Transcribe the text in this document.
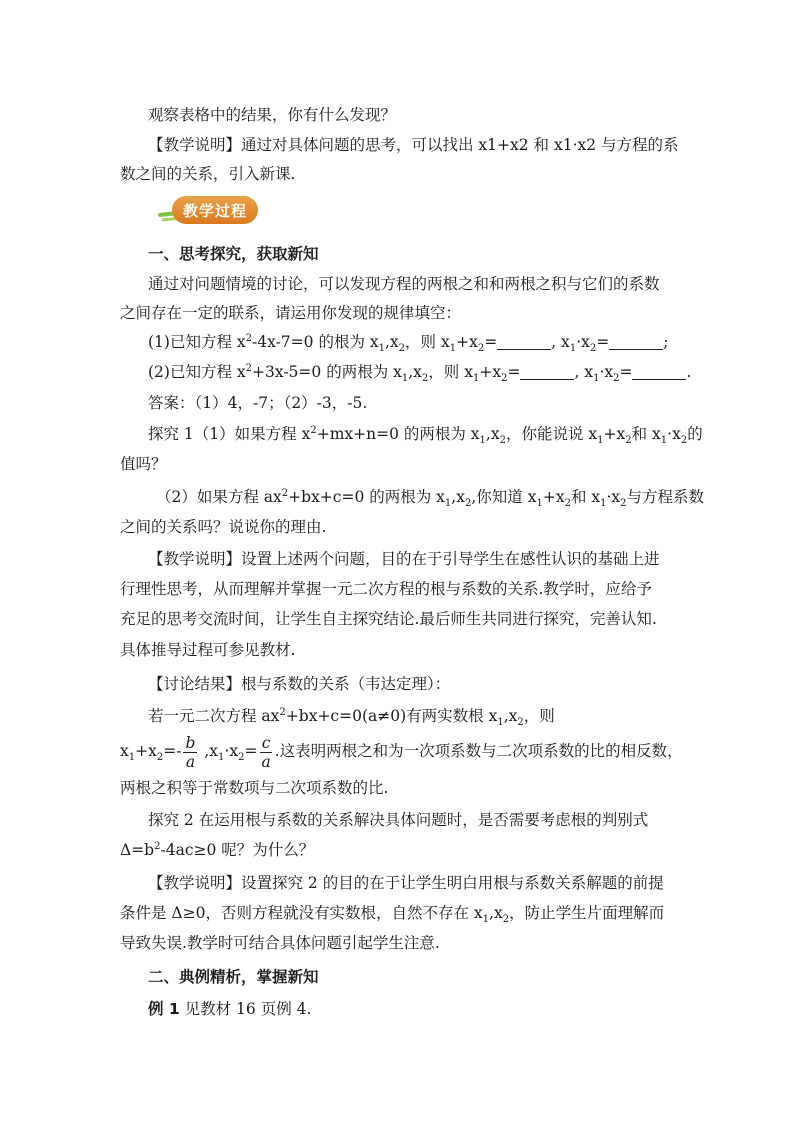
观察表格中的结果，你有什么发现？
【教学说明】通过对具体问题的思考，可以找出 x1+x2 和 x1·x2 与方程的系
数之间的关系，引入新课.
教学过程
一、思考探究，获取新知
通过对问题情境的讨论，可以发现方程的两根之和和两根之积与它们的系数
之间存在一定的联系，请运用你发现的规律填空：
(1)已知方程 $x^2-4x-7=0$ 的根为 $x_1,x_2$，则 $x_1+x_2=$	, $x_1\cdot x_2=$	;
(2)已知方程 $x^2+3x-5=0$ 的两根为 $x_1,x_2$，则 $x_1+x_2=$	, $x_1\cdot x_2=$	.
答案：（1）4，-7；（2）-3，-5.
探究 1（1）如果方程 $x^2+mx+n=0$ 的两根为 $x_1,x_2$，你能说说 $x_1+x_2$和 $x_1\cdot x_2$的
值吗？
（2）如果方程 $ax^2+bx+c=0$ 的两根为 $x_1,x_2$,你知道 $x_1+x_2$和 $x_1\cdot x_2$与方程系数
之间的关系吗？说说你的理由.
【教学说明】设置上述两个问题，目的在于引导学生在感性认识的基础上进
行理性思考，从而理解并掌握一元二次方程的根与系数的关系.教学时，应给予
充足的思考交流时间，让学生自主探究结论.最后师生共同进行探究，完善认知.
具体推导过程可参见教材.
【讨论结果】根与系数的关系（韦达定理）：
若一元二次方程 $ax^2+bx+c=0(a\ne 0)$有两实数根 $x_1,x_2$，则
$x_1+x_2=- \frac{b}{a} ,x_1\cdot x_2= \frac{c}{a}$ .这表明两根之和为一次项系数与二次项系数的比的相反数，
两根之积等于常数项与二次项系数的比.
探究 2 在运用根与系数的关系解决具体问题时，是否需要考虑根的判别式
$\Delta=b^2-4ac\ge 0$ 呢？为什么？
【教学说明】设置探究 2 的目的在于让学生明白用根与系数关系解题的前提
条件是 Δ≥0，否则方程就没有实数根，自然不存在 $x_1,x_2$，防止学生片面理解而
导致失误.教学时可结合具体问题引起学生注意.
二、典例精析，掌握新知
例 1 见教材 16 页例 4.
